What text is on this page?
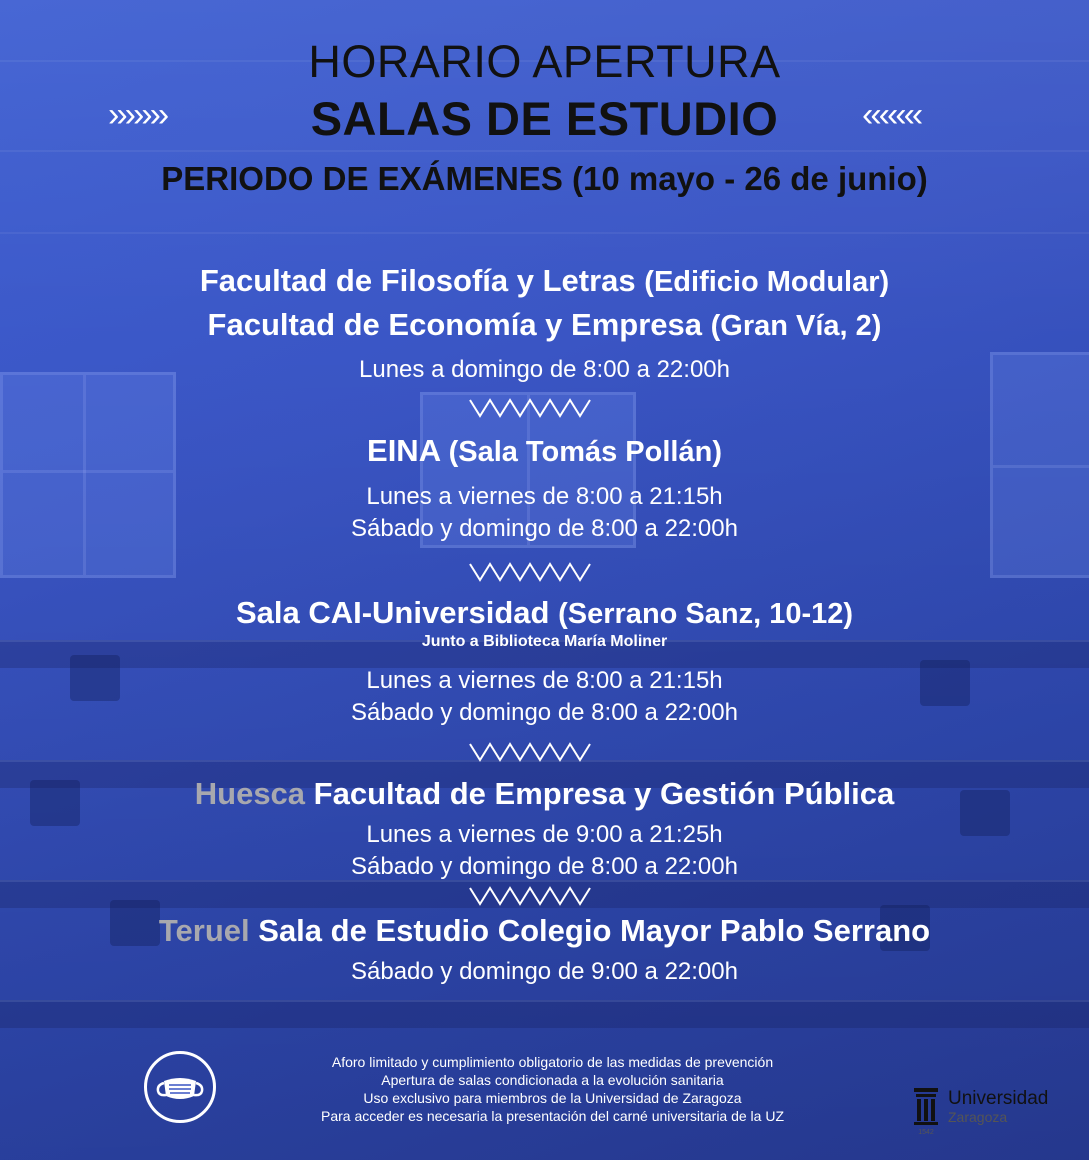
›››››››	‹‹‹‹‹‹‹
HORARIO APERTURA
SALAS DE ESTUDIO
PERIODO DE EXÁMENES (10 mayo - 26 de junio)
Facultad de Filosofía y Letras (Edificio Modular)
Facultad de Economía y Empresa (Gran Vía, 2)
Lunes a domingo de 8:00 a 22:00h
EINA (Sala Tomás Pollán)
Lunes a viernes de 8:00 a 21:15h
Sábado y domingo de 8:00 a 22:00h
Sala CAI-Universidad (Serrano Sanz, 10-12)
Junto a Biblioteca María Moliner
Lunes a viernes de 8:00 a 21:15h
Sábado y domingo de 8:00 a 22:00h
Huesca Facultad de Empresa y Gestión Pública
Lunes a viernes de 9:00 a 21:25h
Sábado y domingo de 8:00 a 22:00h
Teruel Sala de Estudio Colegio Mayor Pablo Serrano
Sábado y domingo de 9:00 a 22:00h
Aforo limitado y cumplimiento obligatorio de las medidas de prevención
Apertura de salas condicionada a la evolución sanitaria
Uso exclusivo para miembros de la Universidad de Zaragoza
Para acceder es necesaria la presentación del carné universitaria de la UZ
1542
Universidad
Zaragoza
